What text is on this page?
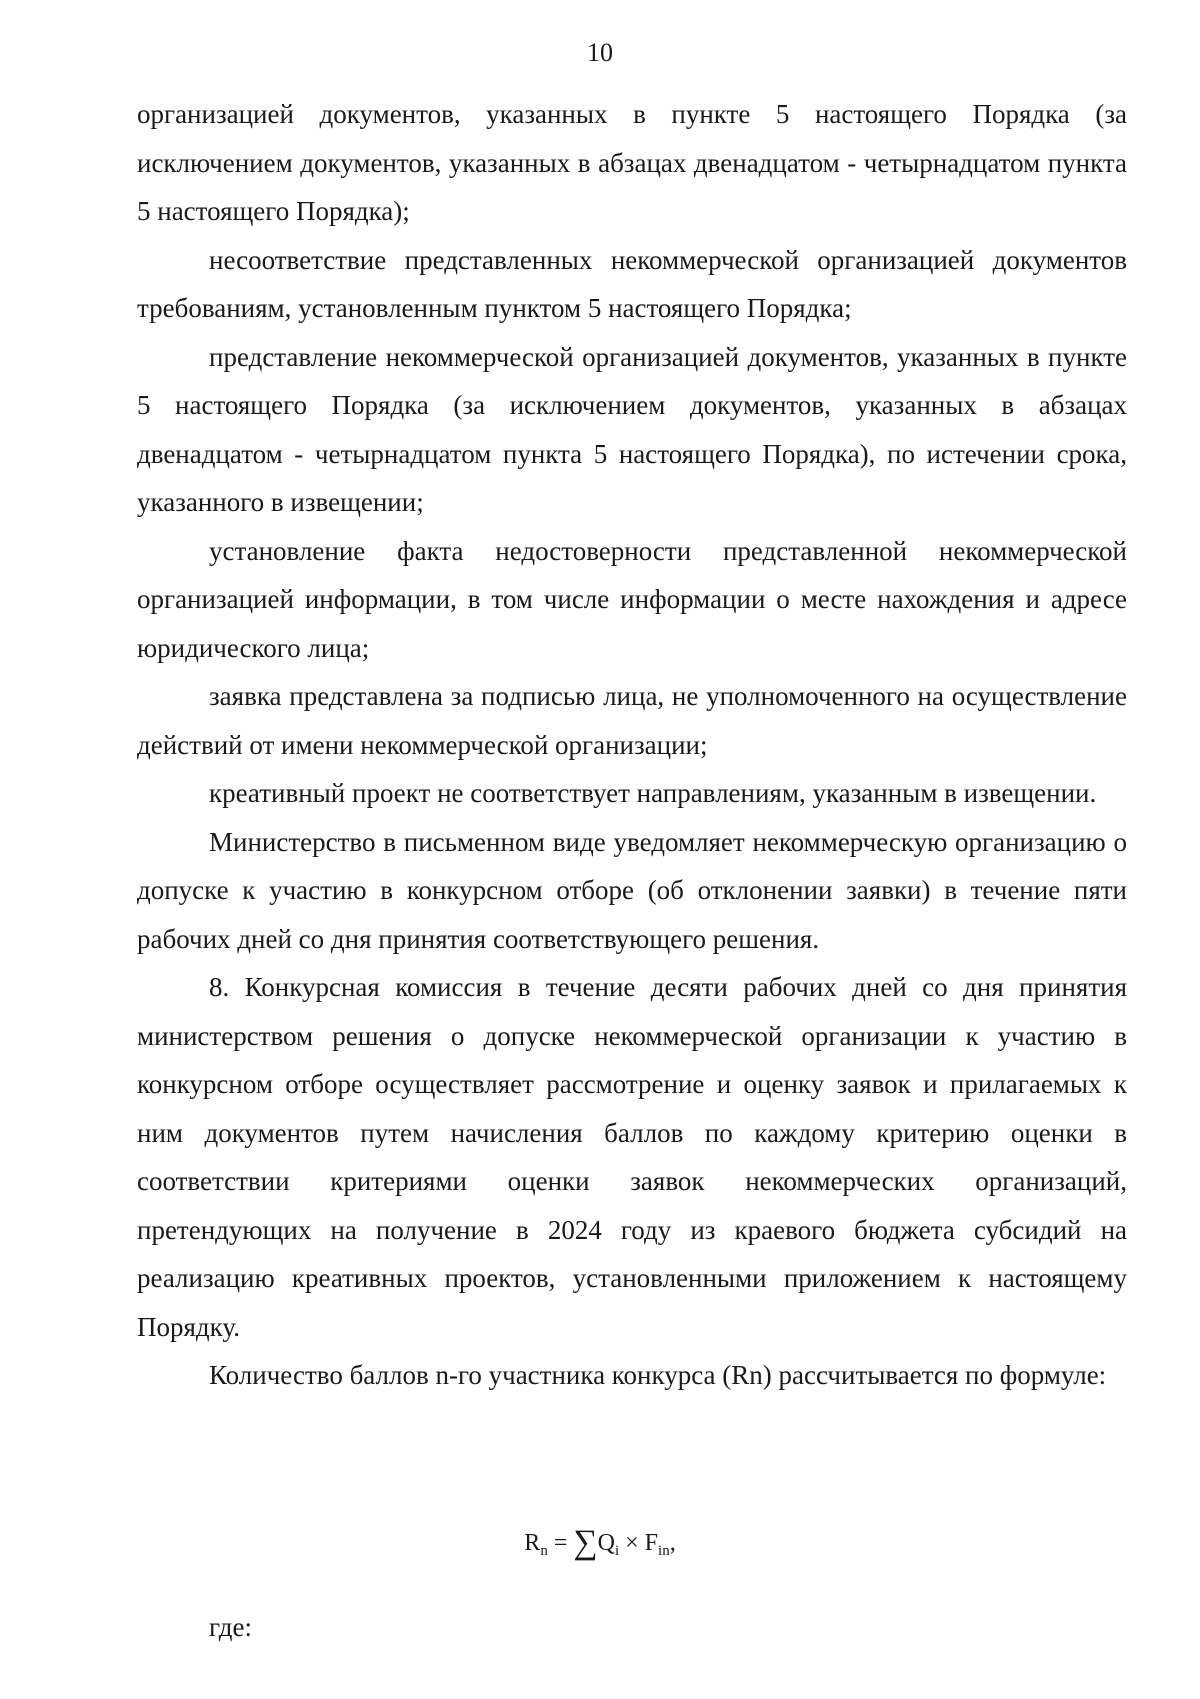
10

организацией документов, указанных в пункте 5 настоящего Порядка (за исключением документов, указанных в абзацах двенадцатом - четырнадцатом пункта 5 настоящего Порядка);

несоответствие представленных некоммерческой организацией документов требованиям, установленным пунктом 5 настоящего Порядка;

представление некоммерческой организацией документов, указанных в пункте 5 настоящего Порядка (за исключением документов, указанных в абзацах двенадцатом - четырнадцатом пункта 5 настоящего Порядка), по истечении срока, указанного в извещении;

установление факта недостоверности представленной некоммерческой организацией информации, в том числе информации о месте нахождения и адресе юридического лица;

заявка представлена за подписью лица, не уполномоченного на осуществление действий от имени некоммерческой организации;

креативный проект не соответствует направлениям, указанным в извещении.

Министерство в письменном виде уведомляет некоммерческую организацию о допуске к участию в конкурсном отборе (об отклонении заявки) в течение пяти рабочих дней со дня принятия соответствующего решения.

8. Конкурсная комиссия в течение десяти рабочих дней со дня принятия министерством решения о допуске некоммерческой организации к участию в конкурсном отборе осуществляет рассмотрение и оценку заявок и прилагаемых к ним документов путем начисления баллов по каждому критерию оценки в соответствии критериями оценки заявок некоммерческих организаций, претендующих на получение в 2024 году из краевого бюджета субсидий на реализацию креативных проектов, установленными приложением к настоящему Порядку.

Количество баллов n-го участника конкурса (Rn) рассчитывается по формуле:

$R_n = \sum Q_i \times F_{in}$,
где:
